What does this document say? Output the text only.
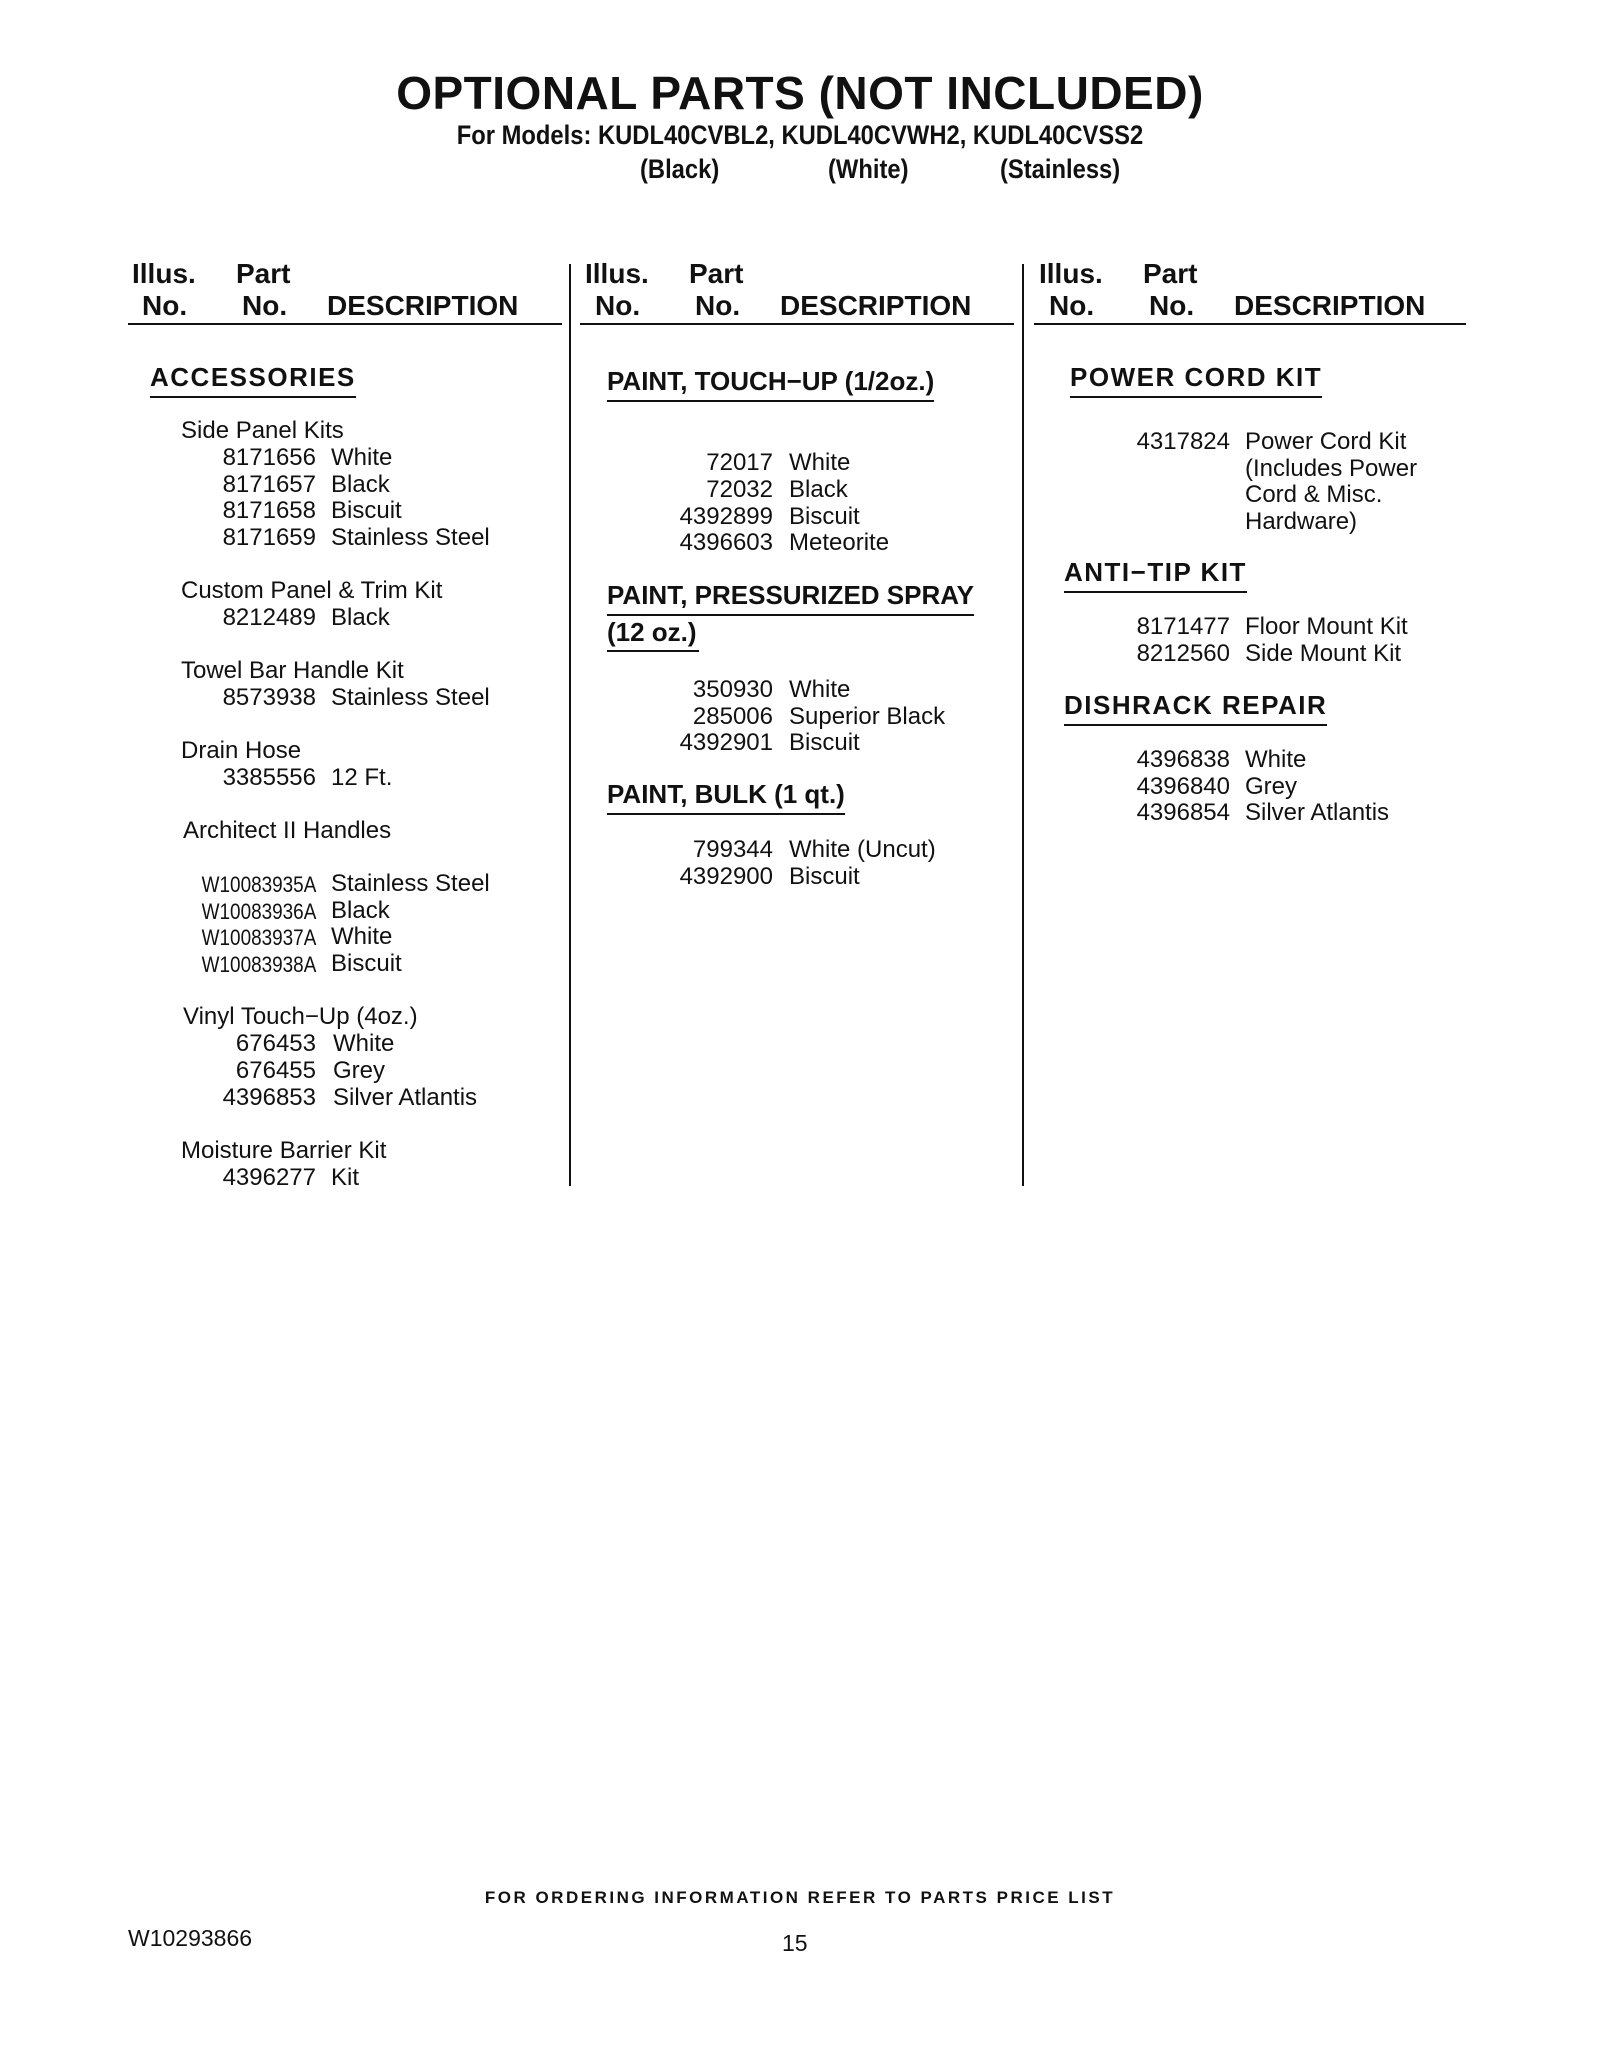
OPTIONAL PARTS (NOT INCLUDED)
For Models: KUDL40CVBL2, KUDL40CVWH2, KUDL40CVSS2
(Black)	(White)	(Stainless)
Illus.
No.
Part
No. DESCRIPTION
Illus.
No.
Part
No. DESCRIPTION
Illus.
No.
Part
No. DESCRIPTION
ACCESSORIES
Side Panel Kits
8171656 White
8171657 Black
8171658 Biscuit
8171659 Stainless Steel
Custom Panel & Trim Kit
8212489 Black
Towel Bar Handle Kit
8573938 Stainless Steel
Drain Hose
3385556 12 Ft.
Architect II Handles
W10083935A Stainless Steel
W10083936A Black
W10083937A White
W10083938A Biscuit
Vinyl Touch−Up (4oz.)
676453 White
676455 Grey
4396853 Silver Atlantis
Moisture Barrier Kit
4396277 Kit
PAINT, TOUCH−UP (1/2oz.)
72017 White
72032 Black
4392899 Biscuit
4396603 Meteorite
PAINT, PRESSURIZED SPRAY
(12 oz.)
350930 White
285006 Superior Black
4392901 Biscuit
PAINT, BULK (1 qt.)
799344 White (Uncut)
4392900 Biscuit
POWER CORD KIT
4317824 Power Cord Kit
(Includes Power
Cord & Misc.
Hardware)
ANTI−TIP KIT
8171477 Floor Mount Kit
8212560 Side Mount Kit
DISHRACK REPAIR
4396838 White
4396840 Grey
4396854 Silver Atlantis
FOR ORDERING INFORMATION REFER TO PARTS PRICE LIST
W10293866	15
